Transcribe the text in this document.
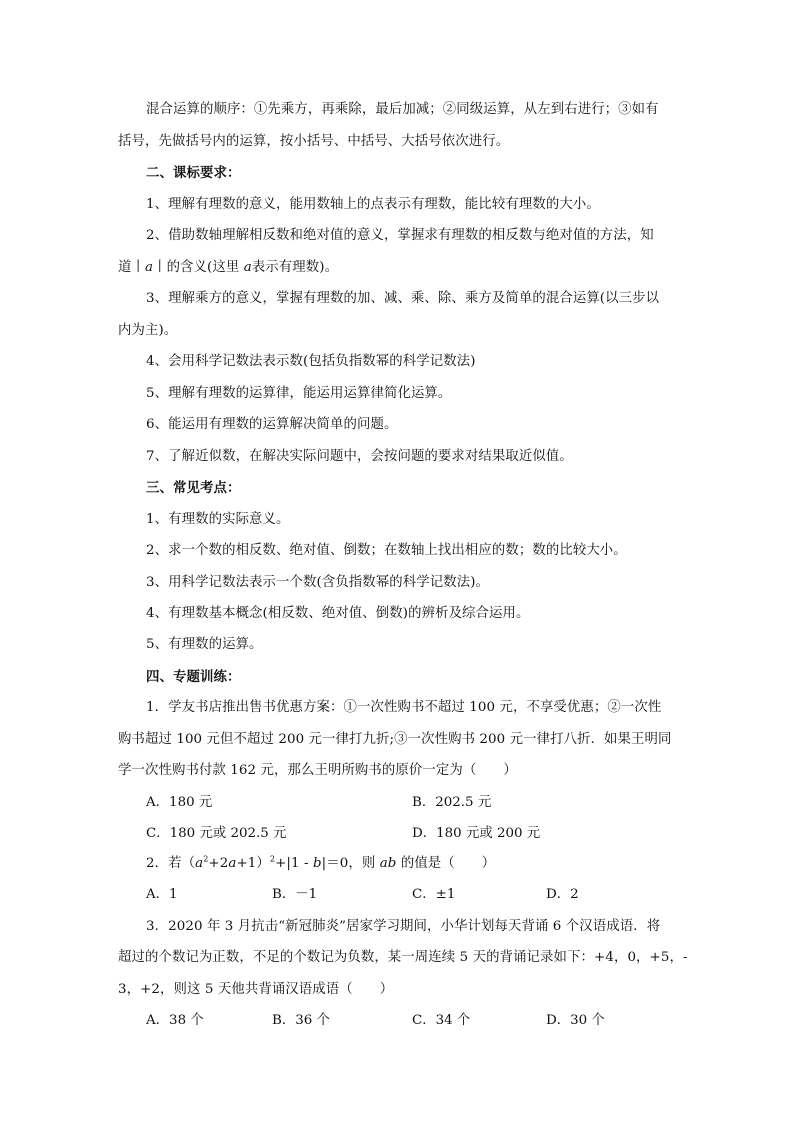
混合运算的顺序：①先乘方，再乘除，最后加减；②同级运算，从左到右进行；③如有
括号，先做括号内的运算，按小括号、中括号、大括号依次进行。
二、课标要求：
1、理解有理数的意义，能用数轴上的点表示有理数，能比较有理数的大小。
2、借助数轴理解相反数和绝对值的意义，掌握求有理数的相反数与绝对值的方法，知
道丨a丨的含义(这里 a表示有理数)。
3、理解乘方的意义，掌握有理数的加、减、乘、除、乘方及简单的混合运算(以三步以
内为主)。
4、会用科学记数法表示数(包括负指数幂的科学记数法)
5、理解有理数的运算律，能运用运算律简化运算。
6、能运用有理数的运算解决简单的问题。
7、了解近似数，在解决实际问题中，会按问题的要求对结果取近似值。
三、常见考点：
1、有理数的实际意义。
2、求一个数的相反数、绝对值、倒数；在数轴上找出相应的数；数的比较大小。
3、用科学记数法表示一个数(含负指数幂的科学记数法)。
4、有理数基本概念(相反数、绝对值、倒数)的辨析及综合运用。
5、有理数的运算。
四、专题训练：
1．学友书店推出售书优惠方案：①一次性购书不超过 100 元，不享受优惠；②一次性
购书超过 100 元但不超过 200 元一律打九折;③一次性购书 200 元一律打八折．如果王明同
学一次性购书付款 162 元，那么王明所购书的原价一定为（　　）
A．180 元	B．202.5 元
C．180 元或 202.5 元	D．180 元或 200 元
2．若$(a^2+2a+1)^2+|1 - b|=0$，则 ab 的值是（　　）
A．1	B．－1	C．±1	D．2
3．2020 年 3 月抗击“新冠肺炎”居家学习期间，小华计划每天背诵 6 个汉语成语．将
超过的个数记为正数，不足的个数记为负数，某一周连续 5 天的背诵记录如下：+4，0，+5，-
3，+2，则这 5 天他共背诵汉语成语（　　）
A．38 个	B．36 个	C．34 个	D．30 个
